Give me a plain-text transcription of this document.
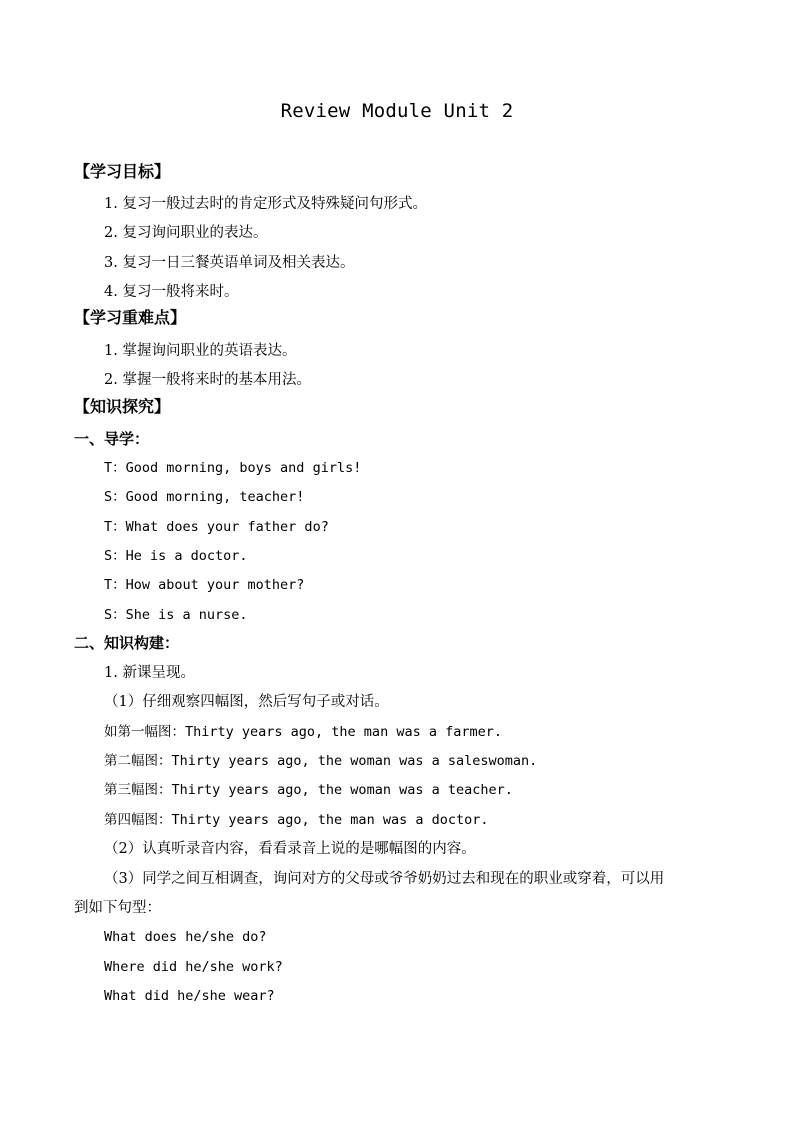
Review Module Unit 2
【学习目标】
1. 复习一般过去时的肯定形式及特殊疑问句形式。
2. 复习询问职业的表达。
3. 复习一日三餐英语单词及相关表达。
4. 复习一般将来时。
【学习重难点】
1. 掌握询问职业的英语表达。
2. 掌握一般将来时的基本用法。
【知识探究】
一、导学：
T：Good morning, boys and girls!
S：Good morning, teacher!
T：What does your father do?
S：He is a doctor.
T：How about your mother?
S：She is a nurse.
二、知识构建：
1. 新课呈现。
（1）仔细观察四幅图，然后写句子或对话。
如第一幅图：Thirty years ago, the man was a farmer.
第二幅图：Thirty years ago, the woman was a saleswoman.
第三幅图：Thirty years ago, the woman was a teacher.
第四幅图：Thirty years ago, the man was a doctor.
（2）认真听录音内容，看看录音上说的是哪幅图的内容。
（3）同学之间互相调查，询问对方的父母或爷爷奶奶过去和现在的职业或穿着，可以用
到如下句型：
What does he/she do?
Where did he/she work?
What did he/she wear?
